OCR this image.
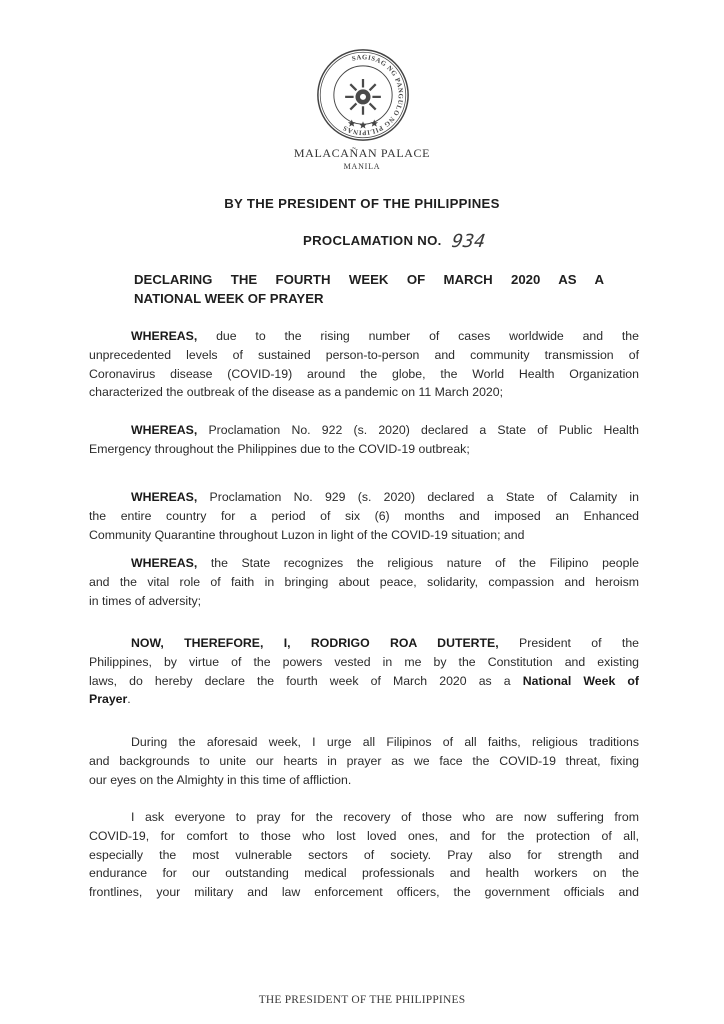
SAGISAG NG PANGULO NG PILIPINAS
MALACAÑAN PALACE
MANILA
BY THE PRESIDENT OF THE PHILIPPINES
PROCLAMATION NO. 934
DECLARING THE FOURTH WEEK OF MARCH 2020 AS A
NATIONAL WEEK OF PRAYER
WHEREAS, due to the rising number of cases worldwide and the
unprecedented levels of sustained person-to-person and community transmission of
Coronavirus disease (COVID-19) around the globe, the World Health Organization
characterized the outbreak of the disease as a pandemic on 11 March 2020;
WHEREAS, Proclamation No. 922 (s. 2020) declared a State of Public Health
Emergency throughout the Philippines due to the COVID-19 outbreak;
WHEREAS, Proclamation No. 929 (s. 2020) declared a State of Calamity in
the entire country for a period of six (6) months and imposed an Enhanced
Community Quarantine throughout Luzon in light of the COVID-19 situation; and
WHEREAS, the State recognizes the religious nature of the Filipino people
and the vital role of faith in bringing about peace, solidarity, compassion and heroism
in times of adversity;
NOW, THEREFORE, I, RODRIGO ROA DUTERTE, President of the
Philippines, by virtue of the powers vested in me by the Constitution and existing
laws, do hereby declare the fourth week of March 2020 as a National Week of
Prayer.
During the aforesaid week, I urge all Filipinos of all faiths, religious traditions
and backgrounds to unite our hearts in prayer as we face the COVID-19 threat, fixing
our eyes on the Almighty in this time of affliction.
I ask everyone to pray for the recovery of those who are now suffering from
COVID-19, for comfort to those who lost loved ones, and for the protection of all,
especially the most vulnerable sectors of society. Pray also for strength and
endurance for our outstanding medical professionals and health workers on the
frontlines, your military and law enforcement officers, the government officials and
THE PRESIDENT OF THE PHILIPPINES
